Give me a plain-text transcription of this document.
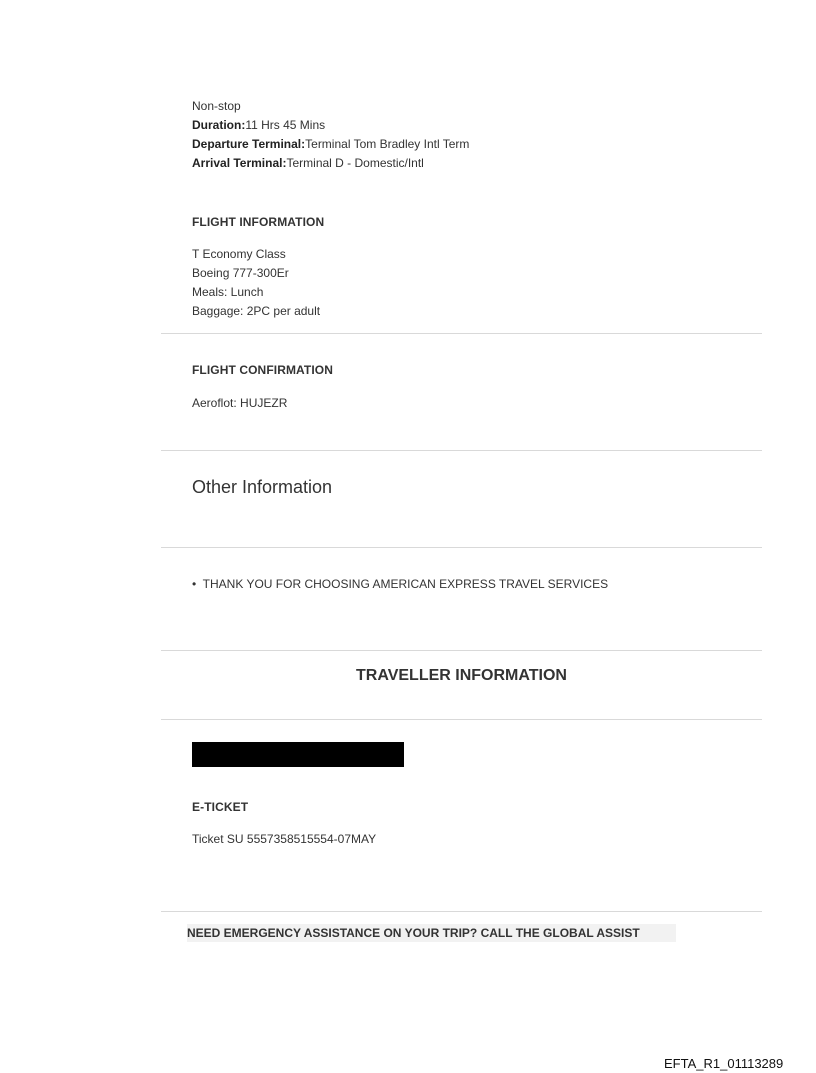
Non-stop
Duration:11 Hrs 45 Mins
Departure Terminal:Terminal Tom Bradley Intl Term
Arrival Terminal:Terminal D - Domestic/Intl
FLIGHT INFORMATION
T Economy Class
Boeing 777-300Er
Meals: Lunch
Baggage: 2PC per adult
FLIGHT CONFIRMATION
Aeroflot: HUJEZR
Other Information
• THANK YOU FOR CHOOSING AMERICAN EXPRESS TRAVEL SERVICES
TRAVELLER INFORMATION
E-TICKET
Ticket SU 5557358515554-07MAY
NEED EMERGENCY ASSISTANCE ON YOUR TRIP? CALL THE GLOBAL ASSIST
EFTA_R1_01113289
